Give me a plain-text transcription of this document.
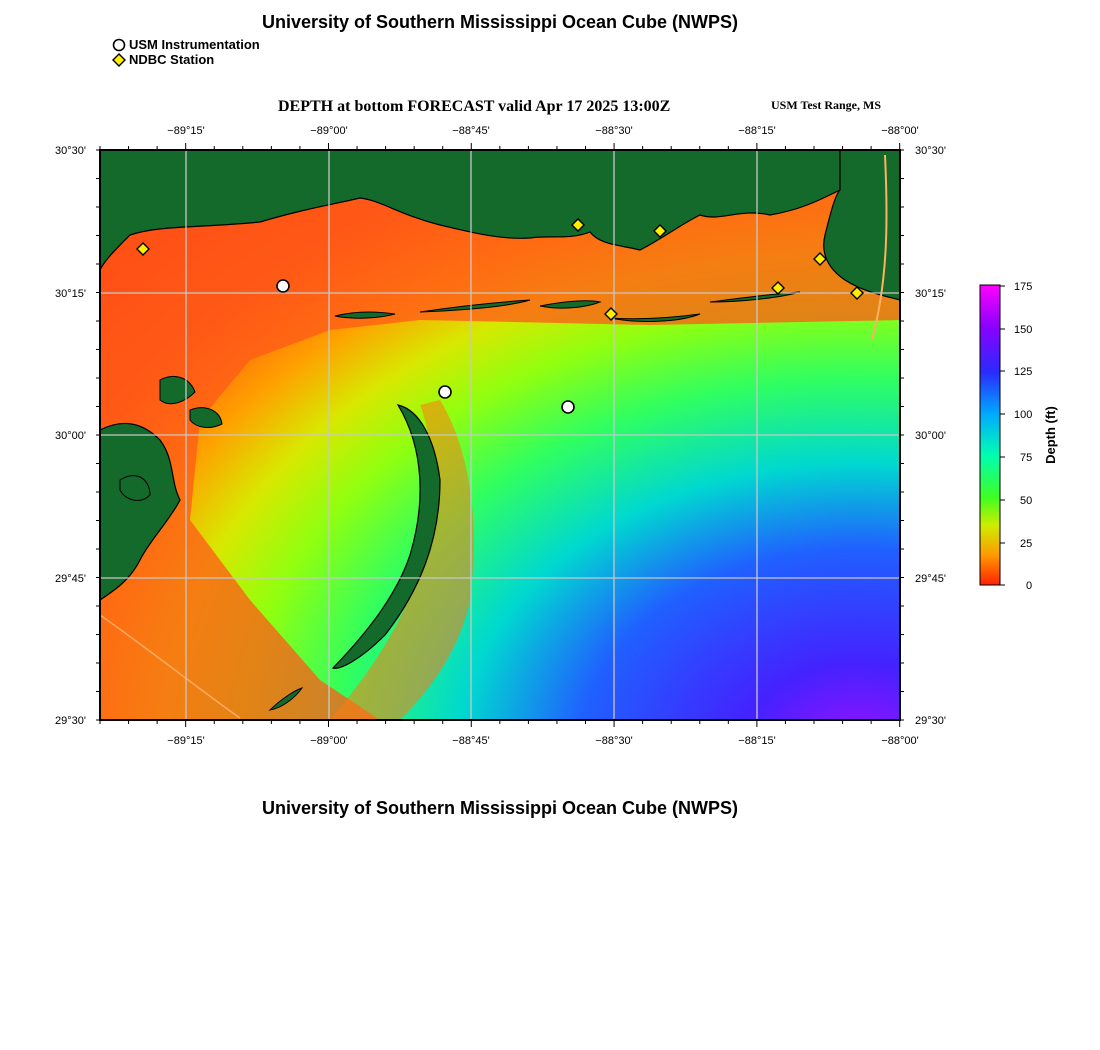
University of Southern Mississippi Ocean Cube (NWPS)
USM Instrumentation
NDBC Station
DEPTH at bottom FORECAST valid Apr 17 2025 13:00Z	USM Test Range, MS
−89°15'	−89°00'	−88°45'	−88°30'	−88°15'	−88°00'
−89°15'	−89°00'	−88°45'	−88°30'	−88°15'	−88°00'
30°30'
30°15'
30°00'
29°45'
29°30'
30°30'
30°15'
30°00'
29°45'
29°30'
175
150
125
100
75
50
25
0
Depth (ft)
University of Southern Mississippi Ocean Cube (NWPS)
